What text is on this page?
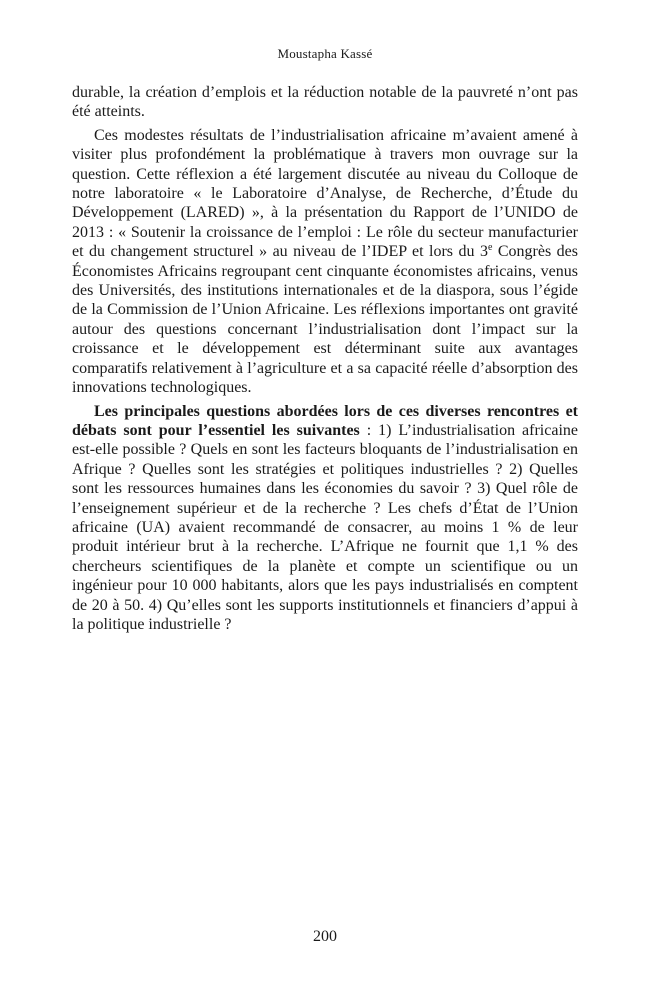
Moustapha Kassé

durable, la création d’emplois et la réduction notable de la pauvreté n’ont pas été atteints.

Ces modestes résultats de l’industrialisation africaine m’avaient amené à visiter plus profondément la problématique à travers mon ouvrage sur la question. Cette réflexion a été largement discutée au niveau du Colloque de notre laboratoire « le Laboratoire d’Analyse, de Recherche, d’Étude du Développement (LARED) », à la présentation du Rapport de l’UNIDO de 2013 : « Soutenir la croissance de l’emploi : Le rôle du secteur manufacturier et du changement structurel » au niveau de l’IDEP et lors du 3e Congrès des Économistes Africains regroupant cent cinquante économistes africains, venus des Universités, des institutions internationales et de la diaspora, sous l’égide de la Commission de l’Union Africaine. Les réflexions importantes ont gravité autour des questions concernant l’industrialisation dont l’impact sur la croissance et le développement est déterminant suite aux avantages comparatifs relativement à l’agriculture et a sa capacité réelle d’absorption des innovations technologiques.

Les principales questions abordées lors de ces diverses rencontres et débats sont pour l’essentiel les suivantes : 1) L’industrialisation africaine est-elle possible ? Quels en sont les facteurs bloquants de l’industrialisation en Afrique ? Quelles sont les stratégies et politiques industrielles ? 2) Quelles sont les ressources humaines dans les économies du savoir ? 3) Quel rôle de l’enseignement supérieur et de la recherche ? Les chefs d’État de l’Union africaine (UA) avaient recommandé de consacrer, au moins 1 % de leur produit intérieur brut à la recherche. L’Afrique ne fournit que 1,1 % des chercheurs scientifiques de la planète et compte un scientifique ou un ingénieur pour 10 000 habitants, alors que les pays industrialisés en comptent de 20 à 50. 4) Qu’elles sont les supports institutionnels et financiers d’appui à la politique industrielle ?

200
